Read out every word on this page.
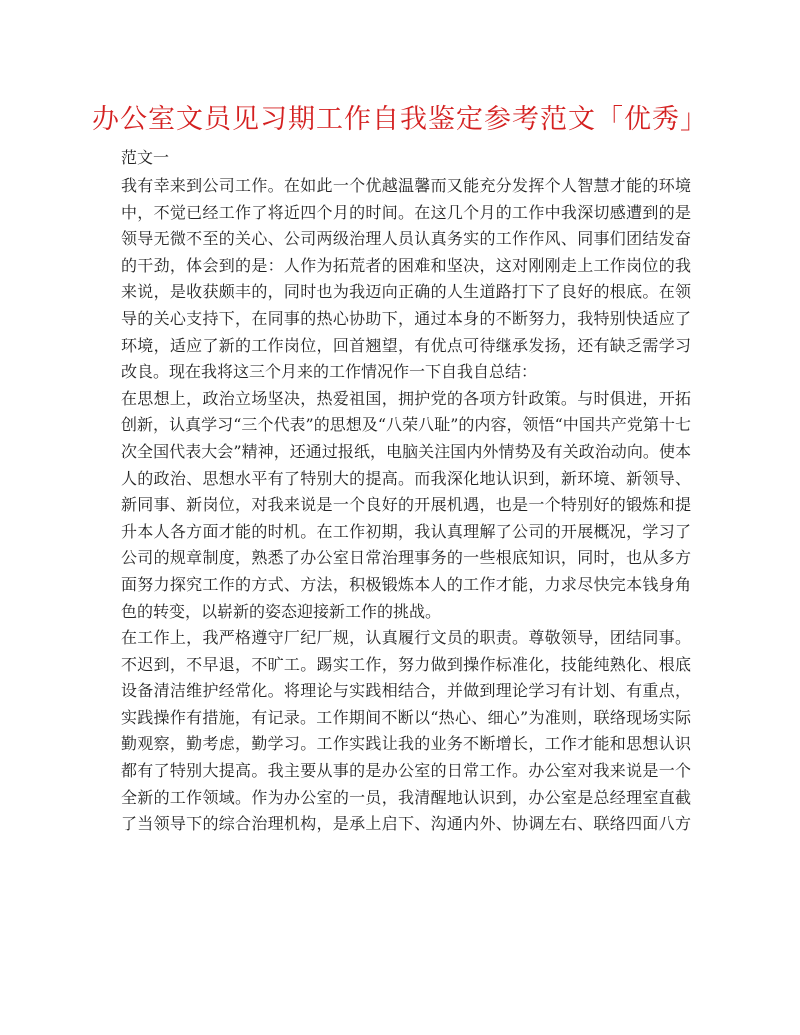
办公室文员见习期工作自我鉴定参考范文「优秀」
范文一
我有幸来到公司工作。在如此一个优越温馨而又能充分发挥个人智慧才能的环境
中，不觉已经工作了将近四个月的时间。在这几个月的工作中我深切感遭到的是
领导无微不至的关心、公司两级治理人员认真务实的工作作风、同事们团结发奋
的干劲，体会到的是：人作为拓荒者的困难和坚决，这对刚刚走上工作岗位的我
来说，是收获颇丰的，同时也为我迈向正确的人生道路打下了良好的根底。在领
导的关心支持下，在同事的热心协助下，通过本身的不断努力，我特别快适应了
环境，适应了新的工作岗位，回首翘望，有优点可待继承发扬，还有缺乏需学习
改良。现在我将这三个月来的工作情况作一下自我自总结：
在思想上，政治立场坚决，热爱祖国，拥护党的各项方针政策。与时俱进，开拓
创新，认真学习“三个代表”的思想及“八荣八耻”的内容，领悟“中国共产党第十七
次全国代表大会”精神，还通过报纸，电脑关注国内外情势及有关政治动向。使本
人的政治、思想水平有了特别大的提高。而我深化地认识到，新环境、新领导、
新同事、新岗位，对我来说是一个良好的开展机遇，也是一个特别好的锻炼和提
升本人各方面才能的时机。在工作初期，我认真理解了公司的开展概况，学习了
公司的规章制度，熟悉了办公室日常治理事务的一些根底知识，同时，也从多方
面努力探究工作的方式、方法，积极锻炼本人的工作才能，力求尽快完本钱身角
色的转变，以崭新的姿态迎接新工作的挑战。
在工作上，我严格遵守厂纪厂规，认真履行文员的职责。尊敬领导，团结同事。
不迟到，不早退，不旷工。踢实工作，努力做到操作标准化，技能纯熟化、根底
设备清洁维护经常化。将理论与实践相结合，并做到理论学习有计划、有重点，
实践操作有措施，有记录。工作期间不断以“热心、细心”为准则，联络现场实际
勤观察，勤考虑，勤学习。工作实践让我的业务不断增长，工作才能和思想认识
都有了特别大提高。我主要从事的是办公室的日常工作。办公室对我来说是一个
全新的工作领域。作为办公室的一员，我清醒地认识到，办公室是总经理室直截
了当领导下的综合治理机构，是承上启下、沟通内外、协调左右、联络四面八方
